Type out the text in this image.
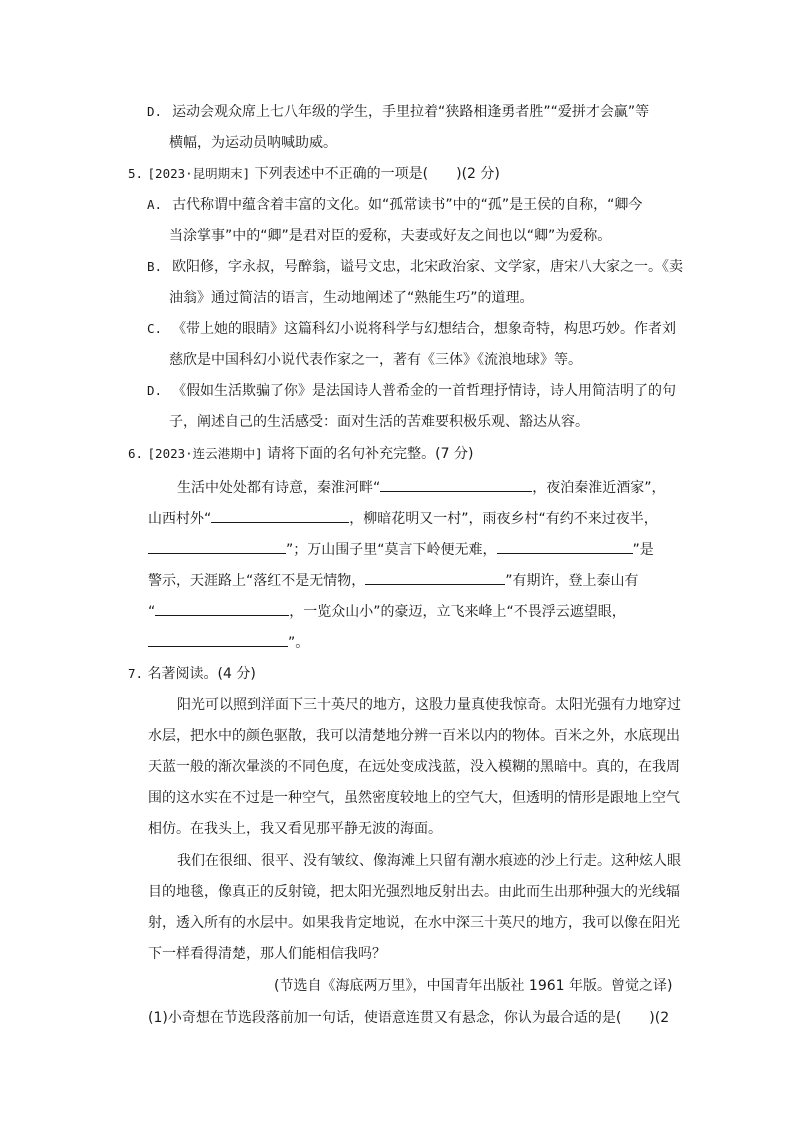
D. 运动会观众席上七八年级的学生，手里拉着“狭路相逢勇者胜”“爱拼才会赢”等
横幅，为运动员呐喊助威。
5. [2023·昆明期末] 下列表述中不正确的一项是(　　)(2 分)
A. 古代称谓中蕴含着丰富的文化。如“孤常读书”中的“孤”是王侯的自称，“卿今
当涂掌事”中的“卿”是君对臣的爱称，夫妻或好友之间也以“卿”为爱称。
B. 欧阳修，字永叔，号醉翁，谥号文忠，北宋政治家、文学家，唐宋八大家之一。《卖
油翁》通过简洁的语言，生动地阐述了“熟能生巧”的道理。
C. 《带上她的眼睛》这篇科幻小说将科学与幻想结合，想象奇特，构思巧妙。作者刘
慈欣是中国科幻小说代表作家之一，著有《三体》《流浪地球》等。
D. 《假如生活欺骗了你》是法国诗人普希金的一首哲理抒情诗，诗人用简洁明了的句
子，阐述自己的生活感受：面对生活的苦难要积极乐观、豁达从容。
6. [2023·连云港期中] 请将下面的名句补充完整。(7 分)
生活中处处都有诗意，秦淮河畔“	，夜泊秦淮近酒家”，
山西村外“	，柳暗花明又一村”，雨夜乡村“有约不来过夜半，
”；万山围子里“莫言下岭便无难，	”是
警示，天涯路上“落红不是无情物，	”有期许，登上泰山有
“	，一览众山小”的豪迈，立飞来峰上“不畏浮云遮望眼，
”。
7. 名著阅读。(4 分)
阳光可以照到洋面下三十英尺的地方，这股力量真使我惊奇。太阳光强有力地穿过
水层，把水中的颜色驱散，我可以清楚地分辨一百米以内的物体。百米之外，水底现出
天蓝一般的渐次暈淡的不同色度，在远处变成浅蓝，没入模糊的黑暗中。真的，在我周
围的这水实在不过是一种空气，虽然密度较地上的空气大，但透明的情形是跟地上空气
相仿。在我头上，我又看见那平静无波的海面。
我们在很细、很平、没有皱纹、像海滩上只留有潮水痕迹的沙上行走。这种炫人眼
目的地毯，像真正的反射镜，把太阳光强烈地反射出去。由此而生出那种强大的光线辐
射，透入所有的水层中。如果我肯定地说，在水中深三十英尺的地方，我可以像在阳光
下一样看得清楚，那人们能相信我吗？
(节选自《海底两万里》，中国青年出版社 1961 年版。曾觉之译)
(1)小奇想在节选段落前加一句话，使语意连贯又有悬念，你认为最合适的是(　　)(2
